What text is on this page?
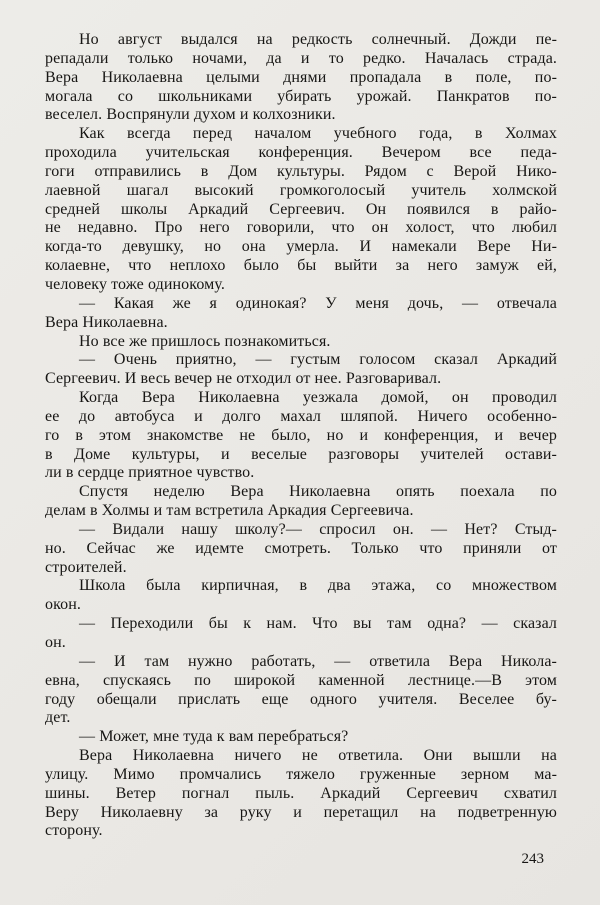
Но август выдался на редкость солнечный. Дожди пе-
репадали только ночами, да и то редко. Началась страда.
Вера Николаевна целыми днями пропадала в поле, по-
могала со школьниками убирать урожай. Панкратов по-
веселел. Воспрянули духом и колхозники.
Как всегда перед началом учебного года, в Холмах
проходила учительская конференция. Вечером все педа-
гоги отправились в Дом культуры. Рядом с Верой Нико-
лаевной шагал высокий громкоголосый учитель холмской
средней школы Аркадий Сергеевич. Он появился в райо-
не недавно. Про него говорили, что он холост, что любил
когда-то девушку, но она умерла. И намекали Вере Ни-
колаевне, что неплохо было бы выйти за него замуж ей,
человеку тоже одинокому.
— Какая же я одинокая? У меня дочь, — отвечала
Вера Николаевна.
Но все же пришлось познакомиться.
— Очень приятно, — густым голосом сказал Аркадий
Сергеевич. И весь вечер не отходил от нее. Разговаривал.
Когда Вера Николаевна уезжала домой, он проводил
ее до автобуса и долго махал шляпой. Ничего особенно-
го в этом знакомстве не было, но и конференция, и вечер
в Доме культуры, и веселые разговоры учителей остави-
ли в сердце приятное чувство.
Спустя неделю Вера Николаевна опять поехала по
делам в Холмы и там встретила Аркадия Сергеевича.
— Видали нашу школу?— спросил он. — Нет? Стыд-
но. Сейчас же идемте смотреть. Только что приняли от
строителей.
Школа была кирпичная, в два этажа, со множеством
окон.
— Переходили бы к нам. Что вы там одна? — сказал
он.
— И там нужно работать, — ответила Вера Никола-
евна, спускаясь по широкой каменной лестнице.—В этом
году обещали прислать еще одного учителя. Веселее бу-
дет.
— Может, мне туда к вам перебраться?
Вера Николаевна ничего не ответила. Они вышли на
улицу. Мимо промчались тяжело груженные зерном ма-
шины. Ветер погнал пыль. Аркадий Сергеевич схватил
Веру Николаевну за руку и перетащил на подветренную
сторону.
243
